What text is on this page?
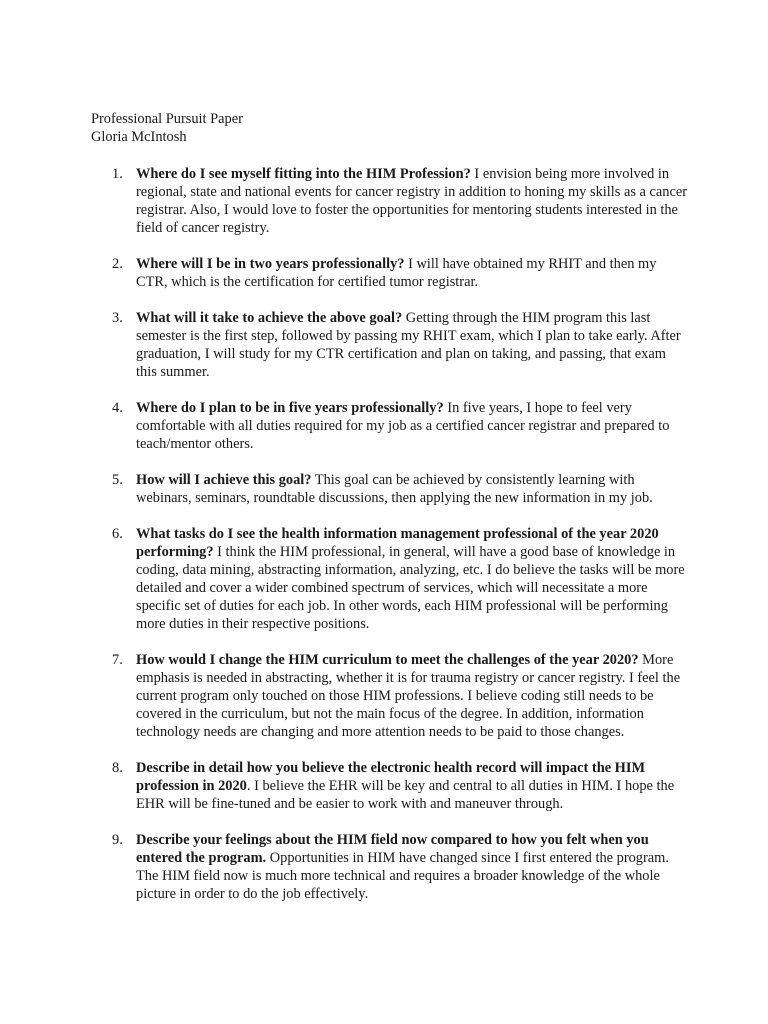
Professional Pursuit Paper
Gloria McIntosh
1. Where do I see myself fitting into the HIM Profession? I envision being more involved in regional, state and national events for cancer registry in addition to honing my skills as a cancer registrar. Also, I would love to foster the opportunities for mentoring students interested in the field of cancer registry.
2. Where will I be in two years professionally? I will have obtained my RHIT and then my CTR, which is the certification for certified tumor registrar.
3. What will it take to achieve the above goal? Getting through the HIM program this last semester is the first step, followed by passing my RHIT exam, which I plan to take early. After graduation, I will study for my CTR certification and plan on taking, and passing, that exam this summer.
4. Where do I plan to be in five years professionally? In five years, I hope to feel very comfortable with all duties required for my job as a certified cancer registrar and prepared to teach/mentor others.
5. How will I achieve this goal? This goal can be achieved by consistently learning with webinars, seminars, roundtable discussions, then applying the new information in my job.
6. What tasks do I see the health information management professional of the year 2020 performing? I think the HIM professional, in general, will have a good base of knowledge in coding, data mining, abstracting information, analyzing, etc. I do believe the tasks will be more detailed and cover a wider combined spectrum of services, which will necessitate a more specific set of duties for each job. In other words, each HIM professional will be performing more duties in their respective positions.
7. How would I change the HIM curriculum to meet the challenges of the year 2020? More emphasis is needed in abstracting, whether it is for trauma registry or cancer registry. I feel the current program only touched on those HIM professions. I believe coding still needs to be covered in the curriculum, but not the main focus of the degree. In addition, information technology needs are changing and more attention needs to be paid to those changes.
8. Describe in detail how you believe the electronic health record will impact the HIM profession in 2020. I believe the EHR will be key and central to all duties in HIM. I hope the EHR will be fine-tuned and be easier to work with and maneuver through.
9. Describe your feelings about the HIM field now compared to how you felt when you entered the program. Opportunities in HIM have changed since I first entered the program. The HIM field now is much more technical and requires a broader knowledge of the whole picture in order to do the job effectively.
